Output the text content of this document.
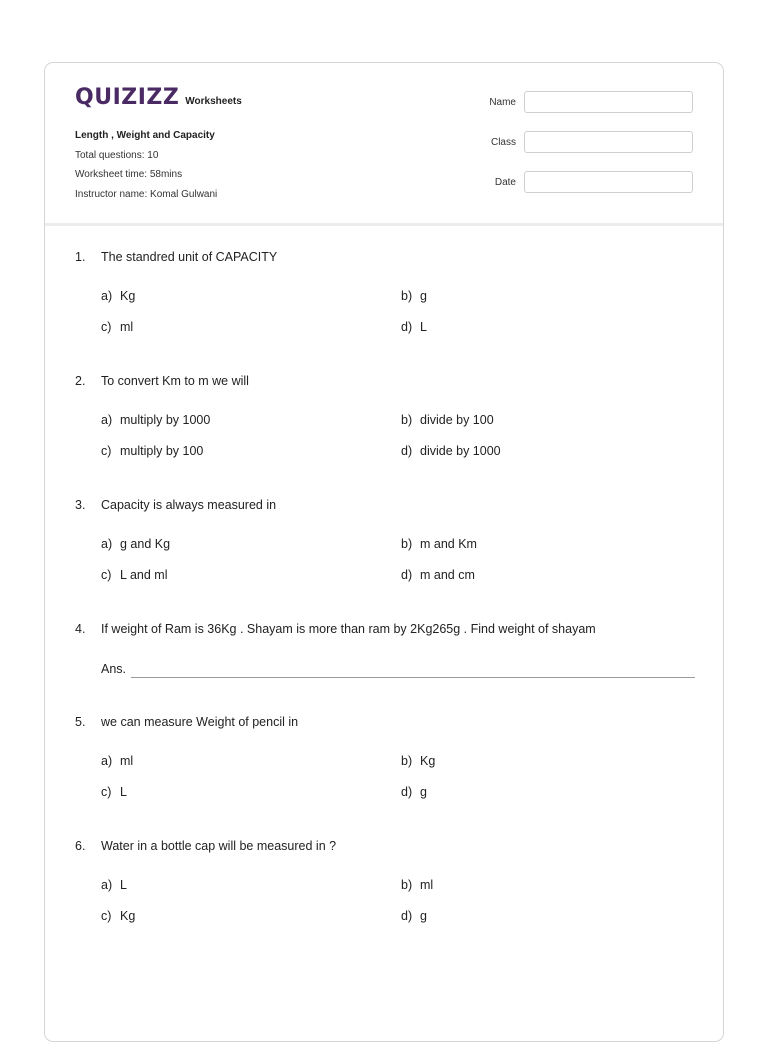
QUIZIZZ Worksheets
Length , Weight and Capacity
Total questions: 10
Worksheet time: 58mins
Instructor name: Komal Gulwani
Name
Class
Date
1.	The standred unit of CAPACITY
a) Kg	b) g
c) ml	d) L
2.	To convert Km to m we will
a) multiply by 1000	b) divide by 100
c) multiply by 100	d) divide by 1000
3.	Capacity is always measured in
a) g and Kg	b) m and Km
c) L and ml	d) m and cm
4.	If weight of Ram is 36Kg . Shayam is more than ram by 2Kg265g . Find weight of shayam
Ans.
5.	we can measure Weight of pencil in
a) ml	b) Kg
c) L	d) g
6.	Water in a bottle cap will be measured in ?
a) L	b) ml
c) Kg	d) g
